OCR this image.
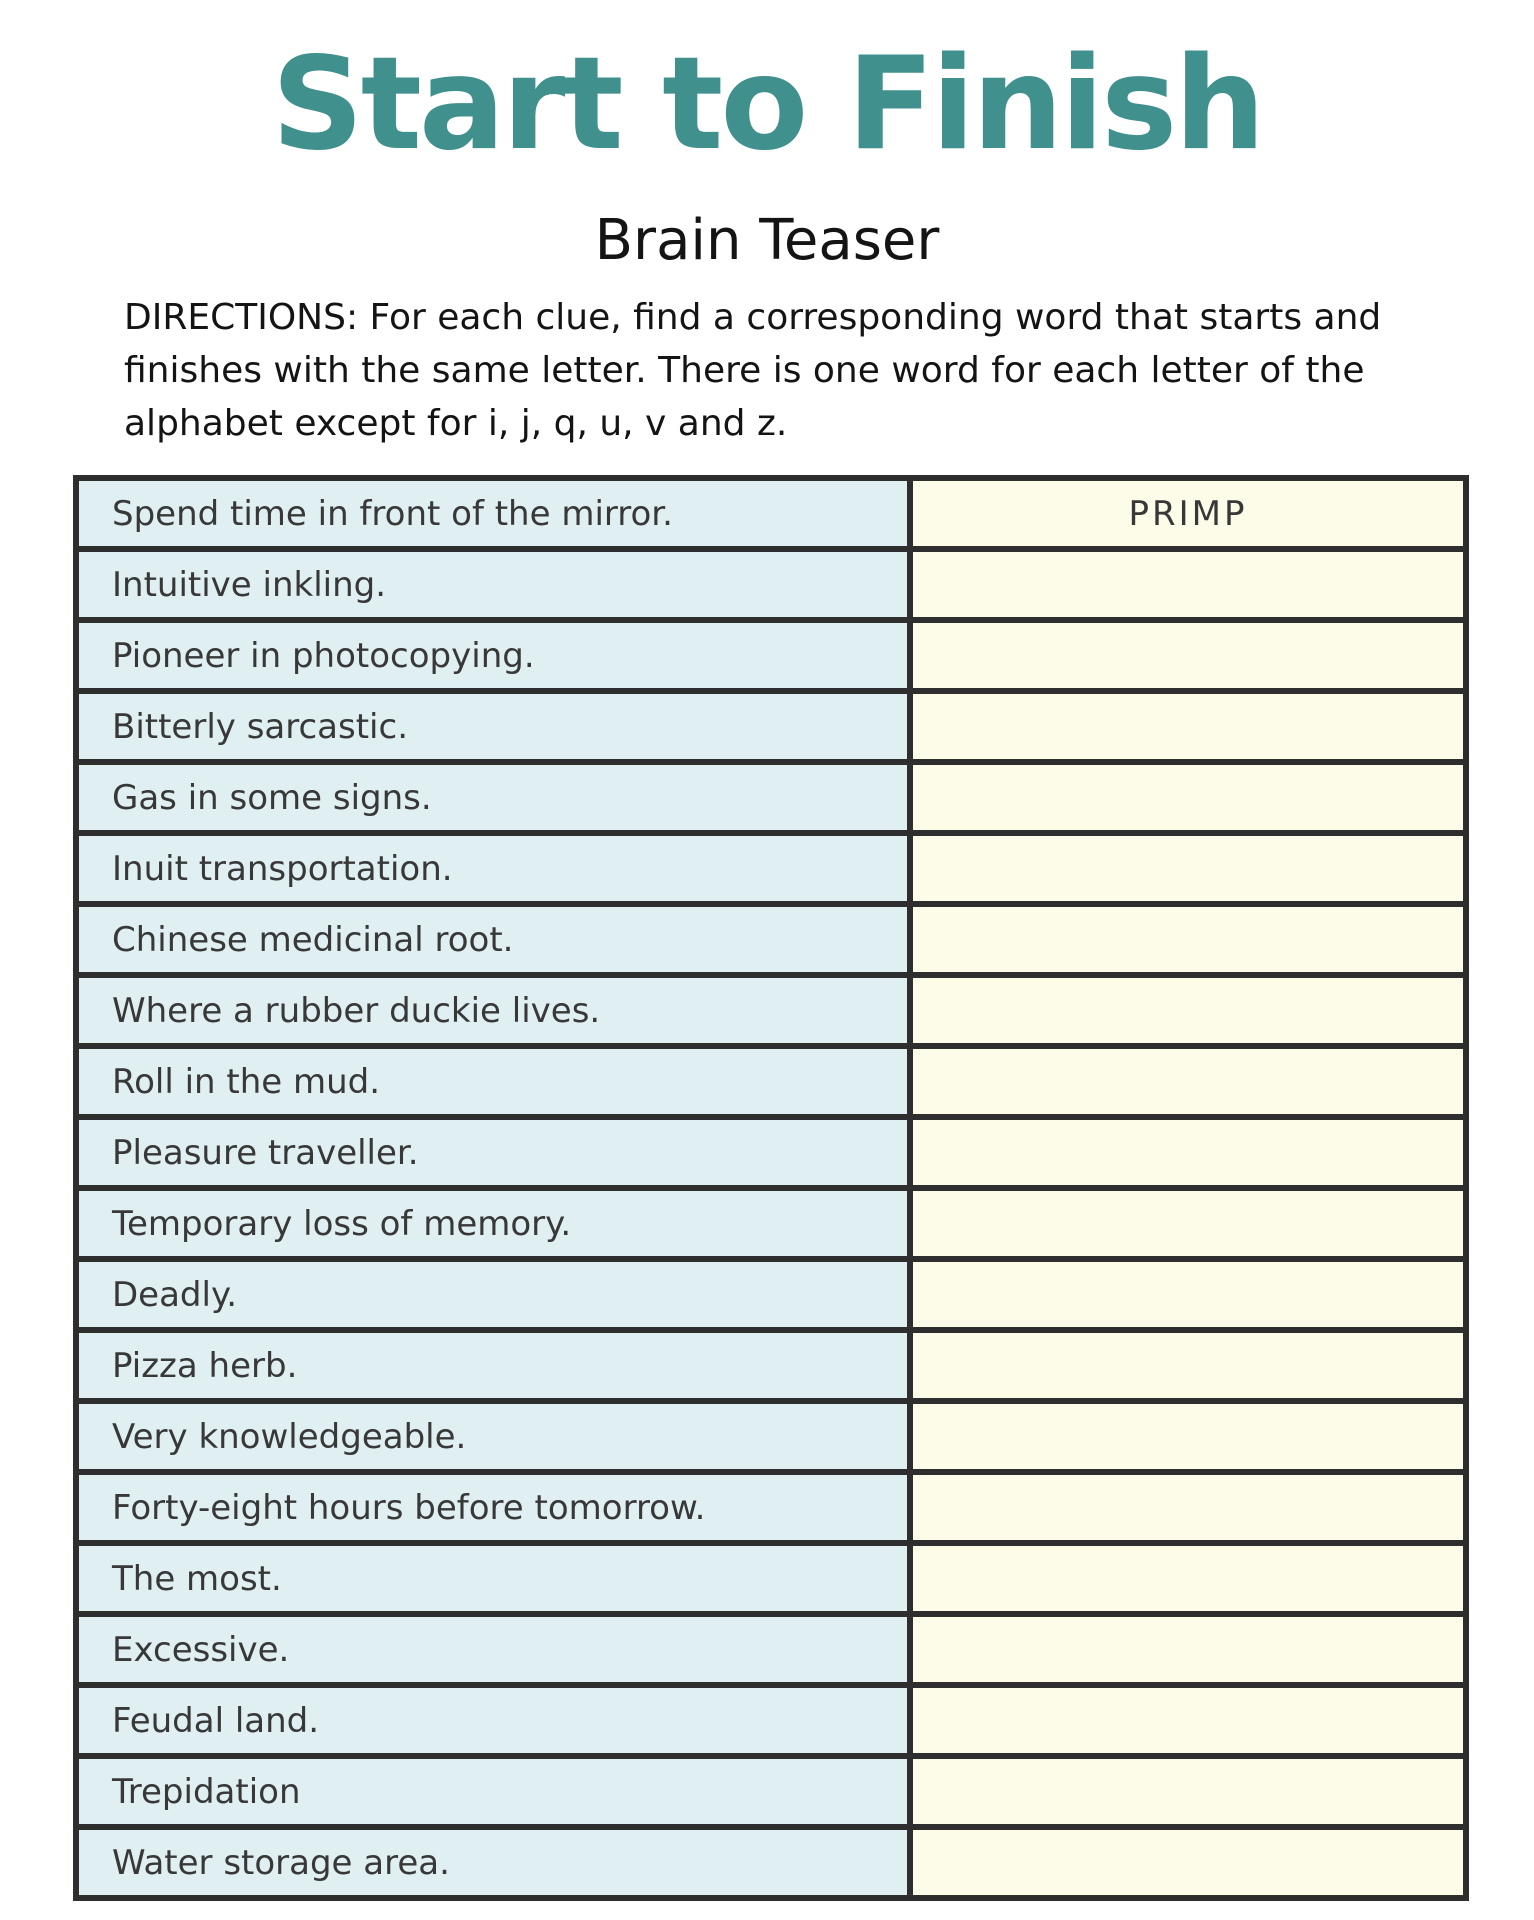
Start to Finish
Brain Teaser
DIRECTIONS: For each clue, find a corresponding word that starts and
finishes with the same letter. There is one word for each letter of the
alphabet except for i, j, q, u, v and z.
Spend time in front of the mirror.	PRIMP
Intuitive inkling.	
Pioneer in photocopying.	
Bitterly sarcastic.	
Gas in some signs.	
Inuit transportation.	
Chinese medicinal root.	
Where a rubber duckie lives.	
Roll in the mud.	
Pleasure traveller.	
Temporary loss of memory.	
Deadly.	
Pizza herb.	
Very knowledgeable.	
Forty-eight hours before tomorrow.	
The most.	
Excessive.	
Feudal land.	
Trepidation	
Water storage area.	
